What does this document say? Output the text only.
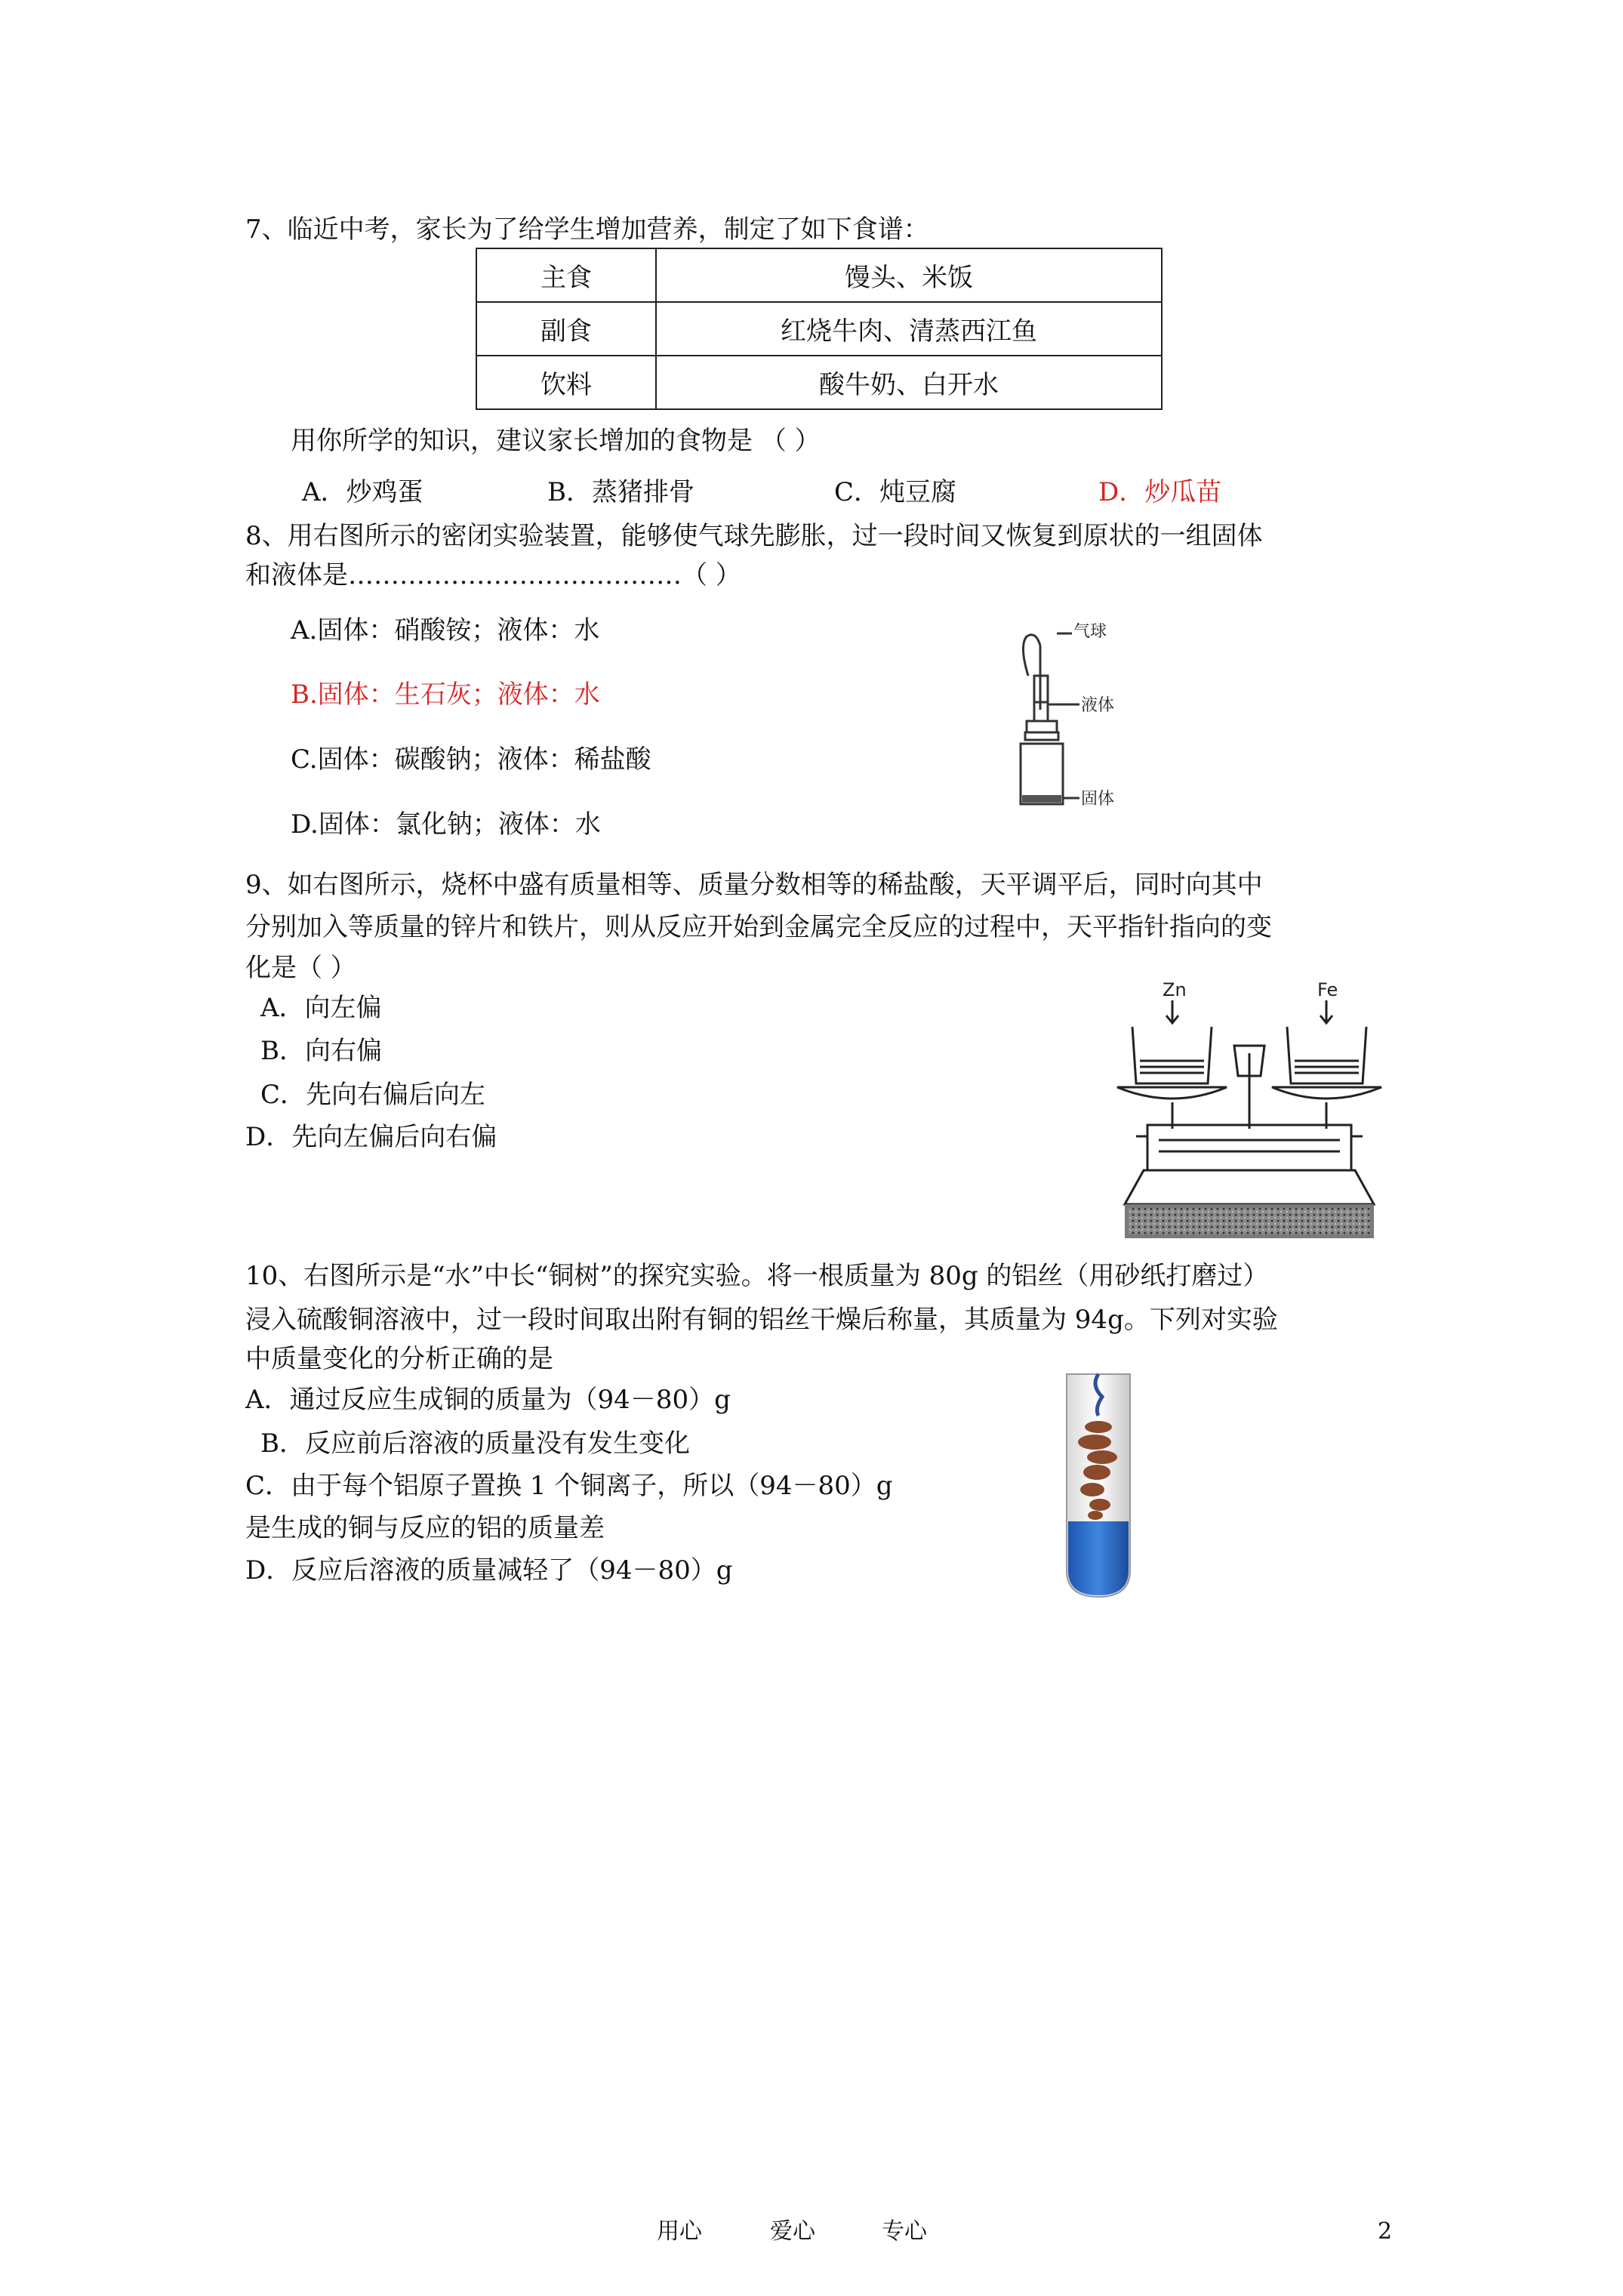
7、临近中考，家长为了给学生增加营养，制定了如下食谱：
主食	馒头、米饭
副食	红烧牛肉、清蒸西江鱼
饮料	酸牛奶、白开水
用你所学的知识，建议家长增加的食物是 （ ）
A．炒鸡蛋	B．蒸猪排骨	C．炖豆腐	D．炒瓜苗
8、用右图所示的密闭实验装置，能够使气球先膨胀，过一段时间又恢复到原状的一组固体
和液体是…………………………………（ ）
A.固体：硝酸铵；液体：水
B.固体：生石灰；液体：水
C.固体：碳酸钠；液体：稀盐酸
D.固体：氯化钠；液体：水
气球
液体
固体
9、如右图所示，烧杯中盛有质量相等、质量分数相等的稀盐酸，天平调平后，同时向其中
分别加入等质量的锌片和铁片，则从反应开始到金属完全反应的过程中，天平指针指向的变
化是（ ）
A．向左偏
B．向右偏
C．先向右偏后向左
D．先向左偏后向右偏
Zn	Fe
10、右图所示是“水”中长“铜树”的探究实验。将一根质量为 80g 的铝丝（用砂纸打磨过）
浸入硫酸铜溶液中，过一段时间取出附有铜的铝丝干燥后称量，其质量为 94g。下列对实验
中质量变化的分析正确的是
A．通过反应生成铜的质量为（94－80）g
B．反应前后溶液的质量没有发生变化
C．由于每个铝原子置换 1 个铜离子，所以（94－80）g
是生成的铜与反应的铝的质量差
D．反应后溶液的质量减轻了（94－80）g
用心	爱心	专心	2
